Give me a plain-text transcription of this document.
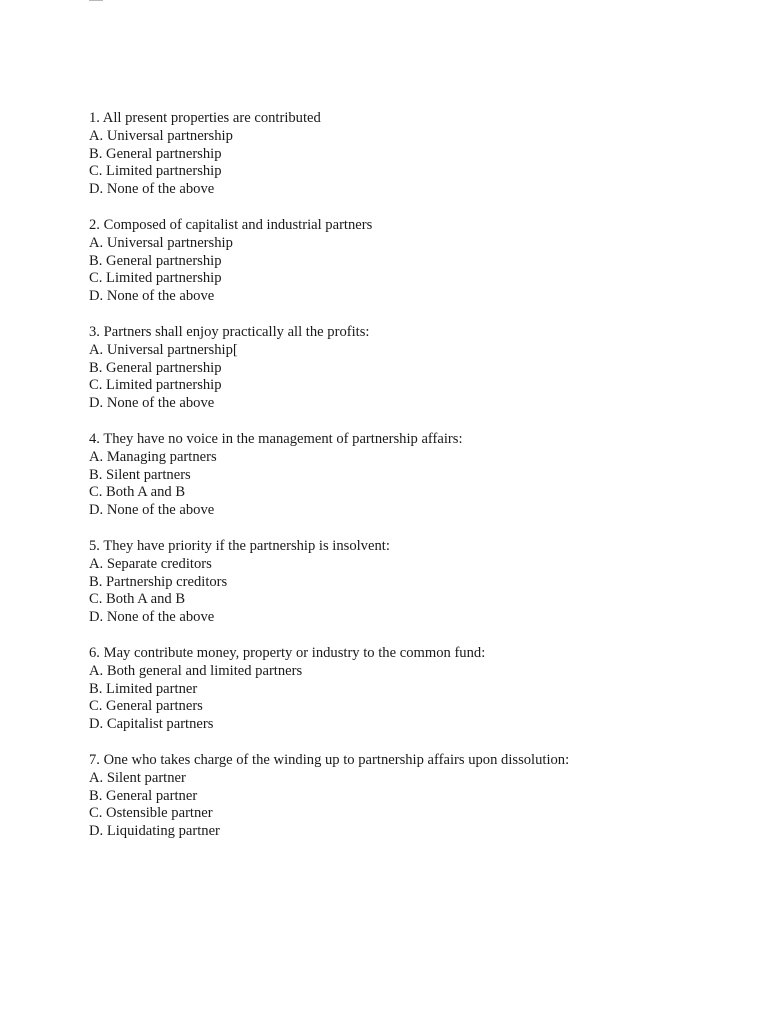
1. All present properties are contributed
A. Universal partnership
B. General partnership
C. Limited partnership
D. None of the above
2. Composed of capitalist and industrial partners
A. Universal partnership
B. General partnership
C. Limited partnership
D. None of the above
3. Partners shall enjoy practically all the profits:
A. Universal partnership[
B. General partnership
C. Limited partnership
D. None of the above
4. They have no voice in the management of partnership affairs:
A. Managing partners
B. Silent partners
C. Both A and B
D. None of the above
5. They have priority if the partnership is insolvent:
A. Separate creditors
B. Partnership creditors
C. Both A and B
D. None of the above
6. May contribute money, property or industry to the common fund:
A. Both general and limited partners
B. Limited partner
C. General partners
D. Capitalist partners
7. One who takes charge of the winding up to partnership affairs upon dissolution:
A. Silent partner
B. General partner
C. Ostensible partner
D. Liquidating partner
